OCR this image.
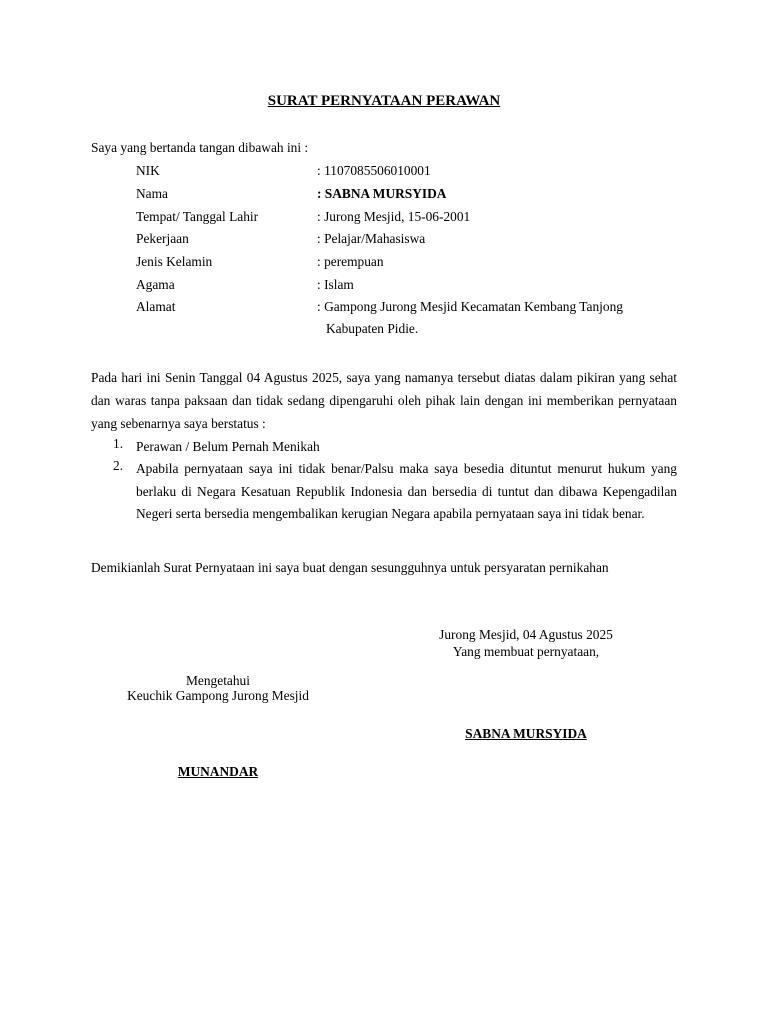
SURAT PERNYATAAN PERAWAN
Saya yang bertanda tangan dibawah ini :
NIK	: 1107085506010001
Nama	: SABNA MURSYIDA
Tempat/ Tanggal Lahir	: Jurong Mesjid, 15-06-2001
Pekerjaan	: Pelajar/Mahasiswa
Jenis Kelamin	: perempuan
Agama	: Islam
Alamat	: Gampong Jurong Mesjid Kecamatan Kembang Tanjong
Kabupaten Pidie.
Pada hari ini Senin Tanggal 04 Agustus 2025, saya yang namanya tersebut diatas dalam pikiran yang sehat dan waras tanpa paksaan dan tidak sedang dipengaruhi oleh pihak lain dengan ini memberikan pernyataan yang sebenarnya saya berstatus :
1. Perawan / Belum Pernah Menikah
2. Apabila pernyataan saya ini tidak benar/Palsu maka saya besedia dituntut menurut hukum yang berlaku di Negara Kesatuan Republik Indonesia dan bersedia di tuntut dan dibawa Kepengadilan Negeri serta bersedia mengembalikan kerugian Negara apabila pernyataan saya ini tidak benar.
Demikianlah Surat Pernyataan ini saya buat dengan sesungguhnya untuk persyaratan pernikahan
Jurong Mesjid, 04 Agustus 2025
Yang membuat pernyataan,
SABNA MURSYIDA
Mengetahui
Keuchik Gampong Jurong Mesjid
MUNANDAR
